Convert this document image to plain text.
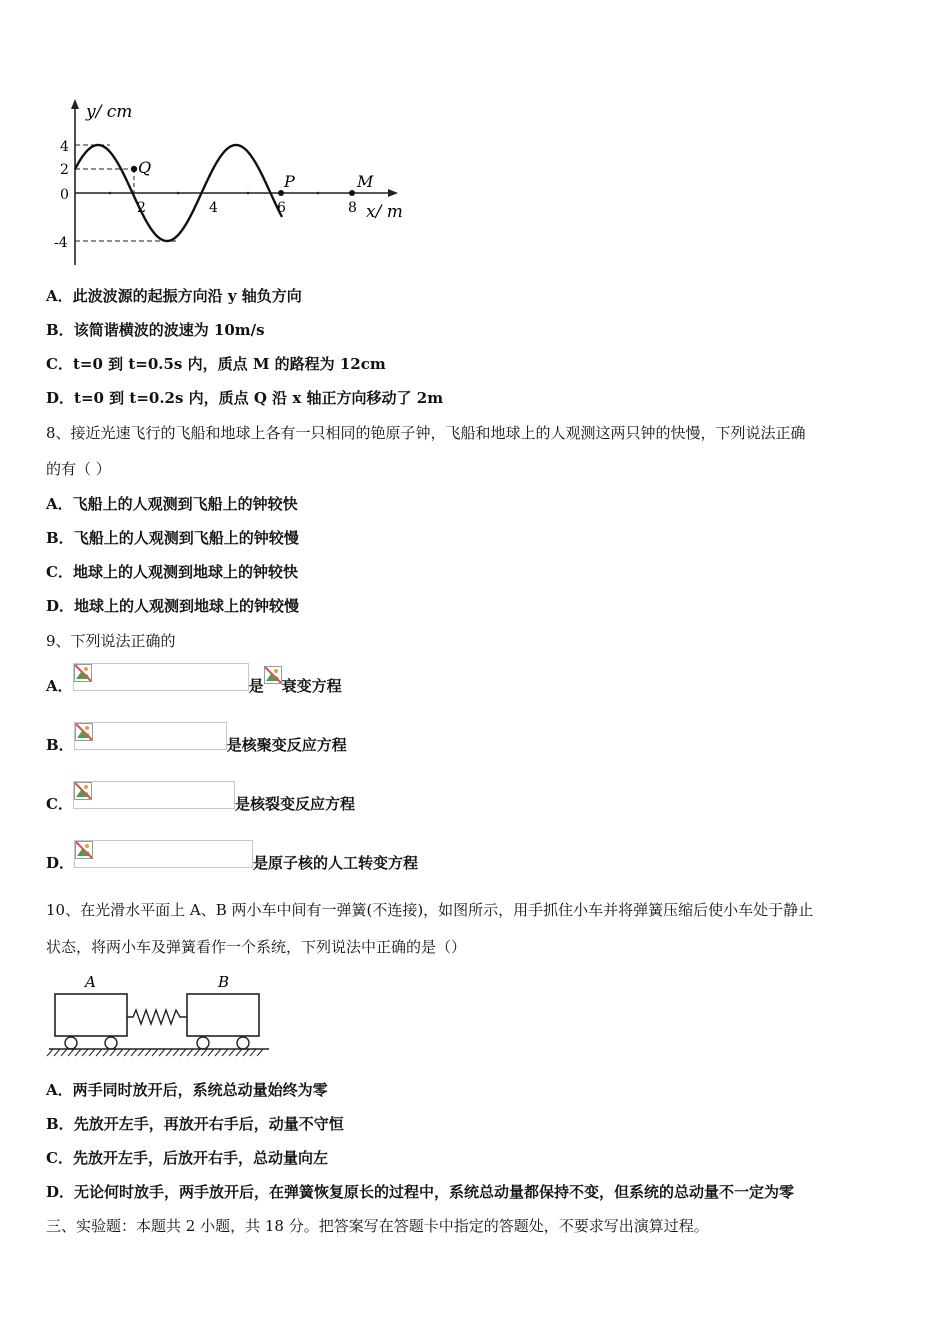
y/ cm
x/ m
4
2
0
-4
2	4	6	8
Q
P	M
A．此波波源的起振方向沿 y 轴负方向
B．该简谐横波的波速为 10m/s
C．t=0 到 t=0.5s 内，质点 M 的路程为 12cm
D．t=0 到 t=0.2s 内，质点 Q 沿 x 轴正方向移动了 2m
8、接近光速飞行的飞船和地球上各有一只相同的铯原子钟，飞船和地球上的人观测这两只钟的快慢，下列说法正确
的有（ ）
A．飞船上的人观测到飞船上的钟较快
B．飞船上的人观测到飞船上的钟较慢
C．地球上的人观测到地球上的钟较快
D．地球上的人观测到地球上的钟较慢
9、下列说法正确的
A．	是 衰变方程
B．	是核聚变反应方程
C．	是核裂变反应方程
D．	是原子核的人工转变方程
10、在光滑水平面上 A、B 两小车中间有一弹簧(不连接)，如图所示，用手抓住小车并将弹簧压缩后使小车处于静止
状态，将两小车及弹簧看作一个系统，下列说法中正确的是（）
A	B
A．两手同时放开后，系统总动量始终为零
B．先放开左手，再放开右手后，动量不守恒
C．先放开左手，后放开右手，总动量向左
D．无论何时放手，两手放开后，在弹簧恢复原长的过程中，系统总动量都保持不变，但系统的总动量不一定为零
三、实验题：本题共 2 小题，共 18 分。把答案写在答题卡中指定的答题处，不要求写出演算过程。
